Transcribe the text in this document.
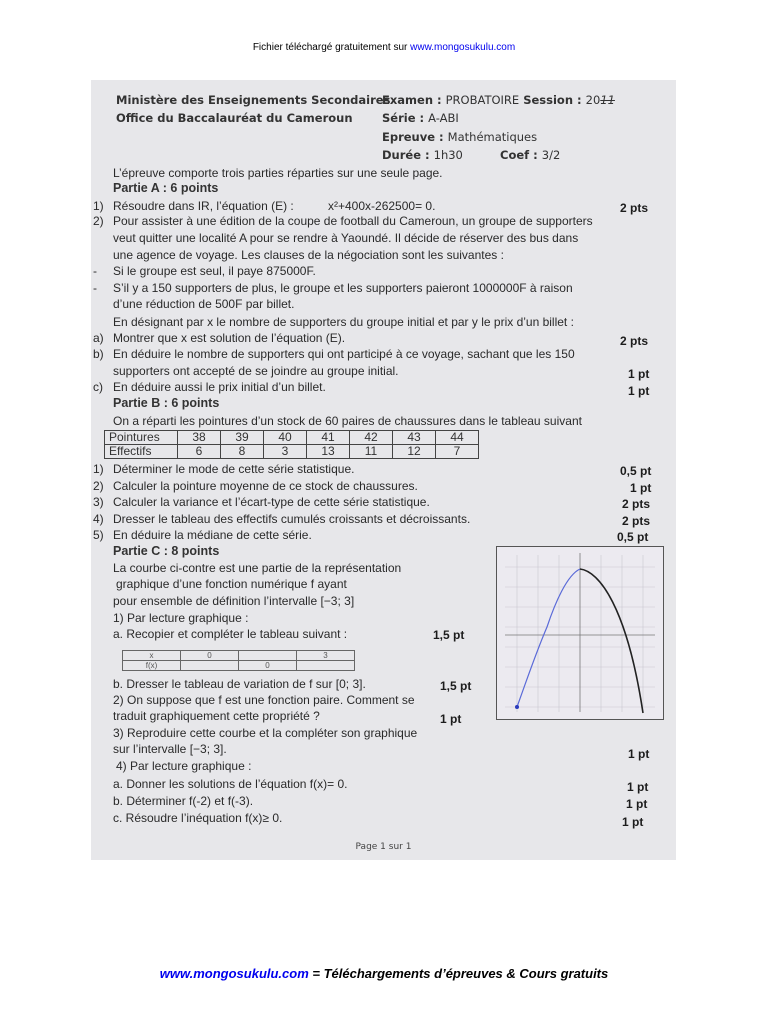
Fichier téléchargé gratuitement sur www.mongosukulu.com
Ministère des Enseignements Secondaires
Office du Baccalauréat du Cameroun
Examen : PROBATOIRE Session : 2011
Série : A-ABI
Epreuve : Mathématiques
Durée : 1h30	Coef : 3/2
L’épreuve comporte trois parties réparties sur une seule page.
Partie A : 6 points
1) Résoudre dans IR, l’équation (E) :	x²+400x-262500= 0.	2 pts
2) Pour assister à une édition de la coupe de football du Cameroun, un groupe de supporters
veut quitter une localité A pour se rendre à Yaoundé. Il décide de réserver des bus dans
une agence de voyage. Les clauses de la négociation sont les suivantes :
- Si le groupe est seul, il paye 875000F.
- S’il y a 150 supporters de plus, le groupe et les supporters paieront 1000000F à raison
d’une réduction de 500F par billet.
En désignant par x le nombre de supporters du groupe initial et par y le prix d’un billet :
a) Montrer que x est solution de l’équation (E).	2 pts
b) En déduire le nombre de supporters qui ont participé à ce voyage, sachant que les 150
supporters ont accepté de se joindre au groupe initial.	1 pt
c) En déduire aussi le prix initial d’un billet.	1 pt
Partie B : 6 points
On a réparti les pointures d’un stock de 60 paires de chaussures dans le tableau suivant
Pointures	38	39	40	41	42	43	44
Effectifs	6	8	3	13	11	12	7
1) Déterminer le mode de cette série statistique.	0,5 pt
2) Calculer la pointure moyenne de ce stock de chaussures.	1 pt
3) Calculer la variance et l’écart-type de cette série statistique.	2 pts
4) Dresser le tableau des effectifs cumulés croissants et décroissants.	2 pts
5) En déduire la médiane de cette série.	0,5 pt
Partie C : 8 points
La courbe ci-contre est une partie de la représentation
graphique d’une fonction numérique f ayant
pour ensemble de définition l’intervalle [−3; 3]
1) Par lecture graphique :
a. Recopier et compléter le tableau suivant :	1,5 pt
x	0		3
f(x)		0	
b. Dresser le tableau de variation de f sur [0; 3].	1,5 pt
2) On suppose que f est une fonction paire. Comment se
traduit graphiquement cette propriété ?	1 pt
3) Reproduire cette courbe et la compléter son graphique
sur l’intervalle [−3; 3].	1 pt
4) Par lecture graphique :
a. Donner les solutions de l’équation f(x)= 0.	1 pt
b. Déterminer f(-2) et f(-3).	1 pt
c. Résoudre l’inéquation f(x)≥ 0.	1 pt
Page 1 sur 1
www.mongosukulu.com = Téléchargements d’épreuves & Cours gratuits
